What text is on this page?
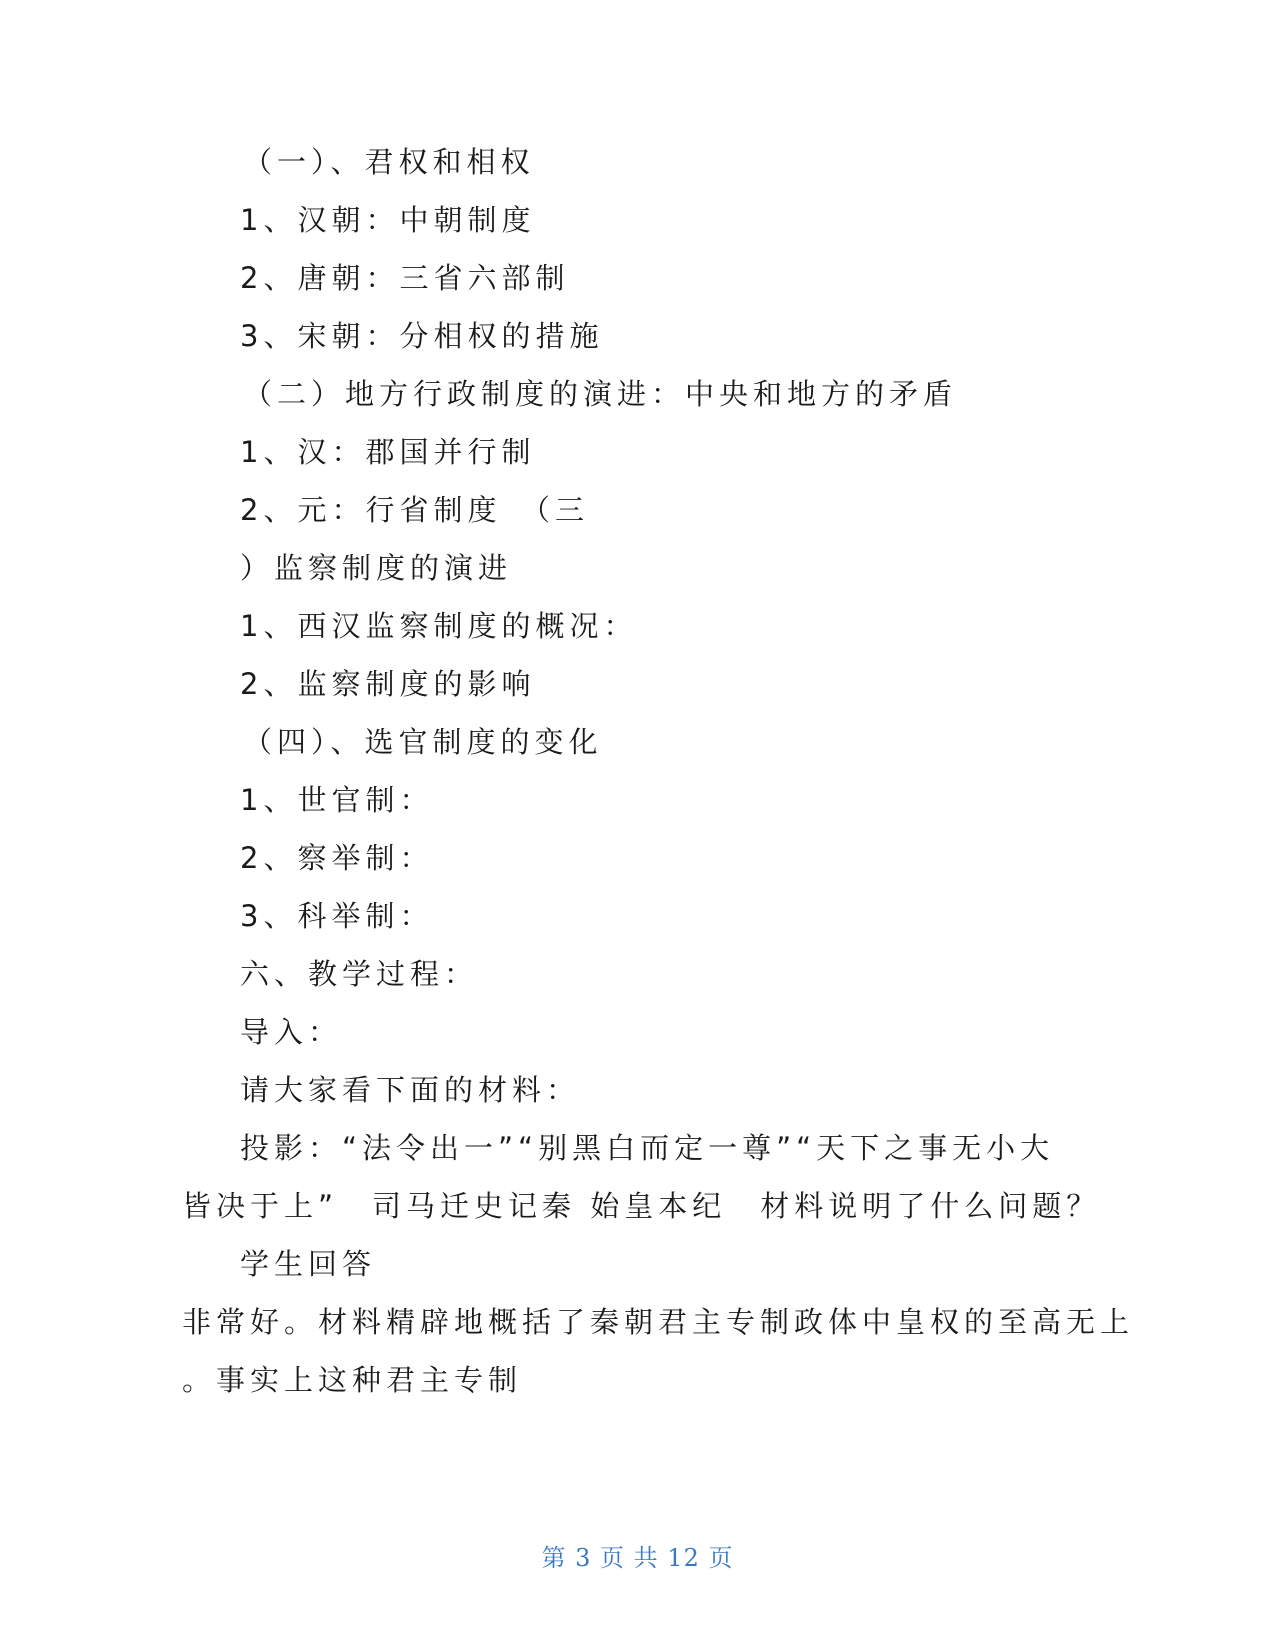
（一）、君权和相权
1、汉朝：中朝制度
2、唐朝：三省六部制
3、宋朝：分相权的措施
（二）地方行政制度的演进：中央和地方的矛盾
1、汉：郡国并行制
2、元：行省制度　（三
）监察制度的演进
1、西汉监察制度的概况：
2、监察制度的影响
（四）、选官制度的变化
1、世官制：
2、察举制：
3、科举制：
六、教学过程：
导入：
请大家看下面的材料：
投影：“法令出一”“别黑白而定一尊”“天下之事无小大
皆决于上”　司马迁史记秦 始皇本纪　材料说明了什么问题？
学生回答
非常好。材料精辟地概括了秦朝君主专制政体中皇权的至高无上
。事实上这种君主专制
第 3 页 共 12 页
